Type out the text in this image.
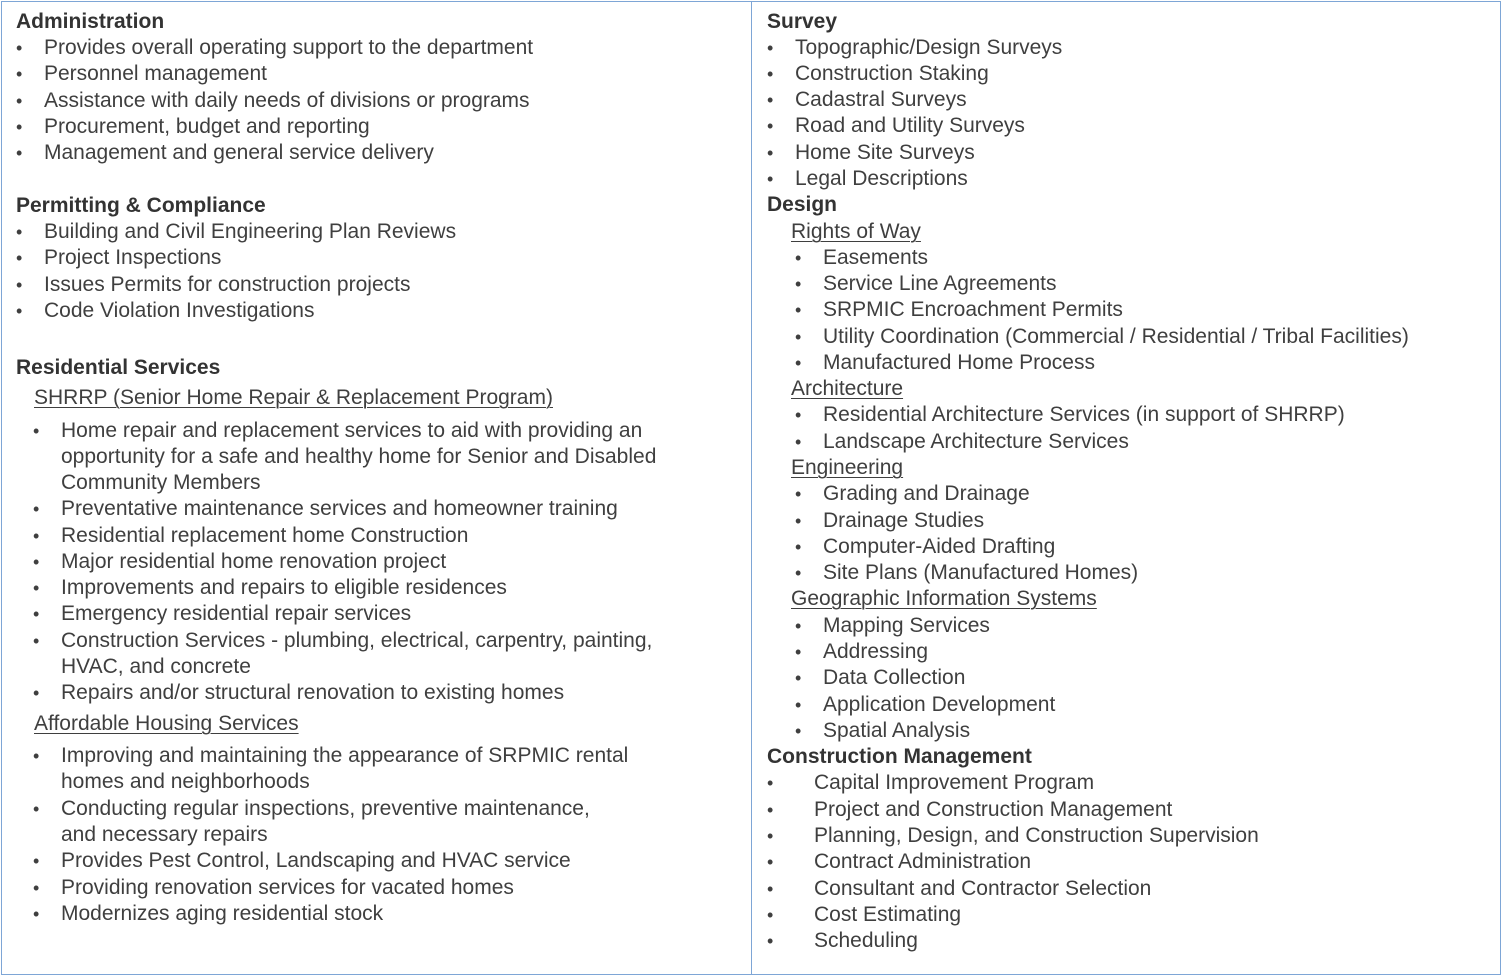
Administration
• Provides overall operating support to the department
• Personnel management
• Assistance with daily needs of divisions or programs
• Procurement, budget and reporting
• Management and general service delivery
Permitting & Compliance
• Building and Civil Engineering Plan Reviews
• Project Inspections
• Issues Permits for construction projects
• Code Violation Investigations
Residential Services
SHRRP (Senior Home Repair & Replacement Program)
• Home repair and replacement services to aid with providing an
opportunity for a safe and healthy home for Senior and Disabled
Community Members
• Preventative maintenance services and homeowner training
• Residential replacement home Construction
• Major residential home renovation project
• Improvements and repairs to eligible residences
• Emergency residential repair services
• Construction Services - plumbing, electrical, carpentry, painting,
HVAC, and concrete
• Repairs and/or structural renovation to existing homes
Affordable Housing Services
• Improving and maintaining the appearance of SRPMIC rental
homes and neighborhoods
• Conducting regular inspections, preventive maintenance,
and necessary repairs
• Provides Pest Control, Landscaping and HVAC service
• Providing renovation services for vacated homes
• Modernizes aging residential stock
Survey
• Topographic/Design Surveys
• Construction Staking
• Cadastral Surveys
• Road and Utility Surveys
• Home Site Surveys
• Legal Descriptions
Design
Rights of Way
• Easements
• Service Line Agreements
• SRPMIC Encroachment Permits
• Utility Coordination (Commercial / Residential / Tribal Facilities)
• Manufactured Home Process
Architecture
• Residential Architecture Services (in support of SHRRP)
• Landscape Architecture Services
Engineering
• Grading and Drainage
• Drainage Studies
• Computer-Aided Drafting
• Site Plans (Manufactured Homes)
Geographic Information Systems
• Mapping Services
• Addressing
• Data Collection
• Application Development
• Spatial Analysis
Construction Management
• Capital Improvement Program
• Project and Construction Management
• Planning, Design, and Construction Supervision
• Contract Administration
• Consultant and Contractor Selection
• Cost Estimating
• Scheduling
